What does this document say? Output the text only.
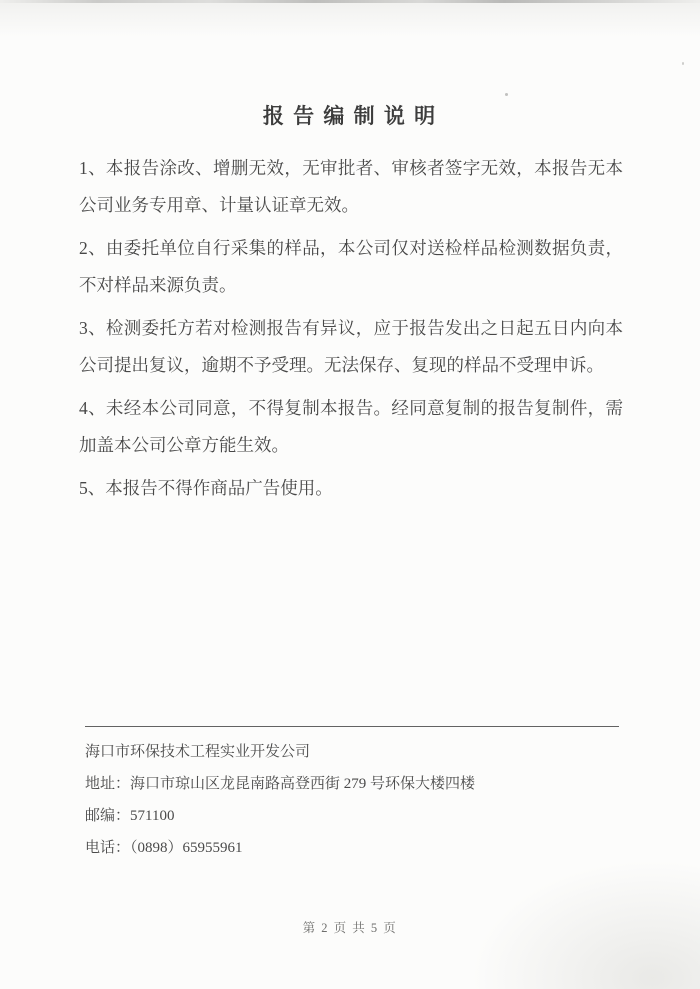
报 告 编 制 说 明

1、本报告涂改、增删无效，无审批者、审核者签字无效，本报告无本公司业务专用章、计量认证章无效。

2、由委托单位自行采集的样品，本公司仅对送检样品检测数据负责，不对样品来源负责。

3、检测委托方若对检测报告有异议，应于报告发出之日起五日内向本公司提出复议，逾期不予受理。无法保存、复现的样品不受理申诉。

4、未经本公司同意，不得复制本报告。经同意复制的报告复制件，需加盖本公司公章方能生效。

5、本报告不得作商品广告使用。

海口市环保技术工程实业开发公司
地址：海口市琼山区龙昆南路高登西街 279 号环保大楼四楼
邮编：571100
电话：（0898）65955961
第 2 页 共 5 页
